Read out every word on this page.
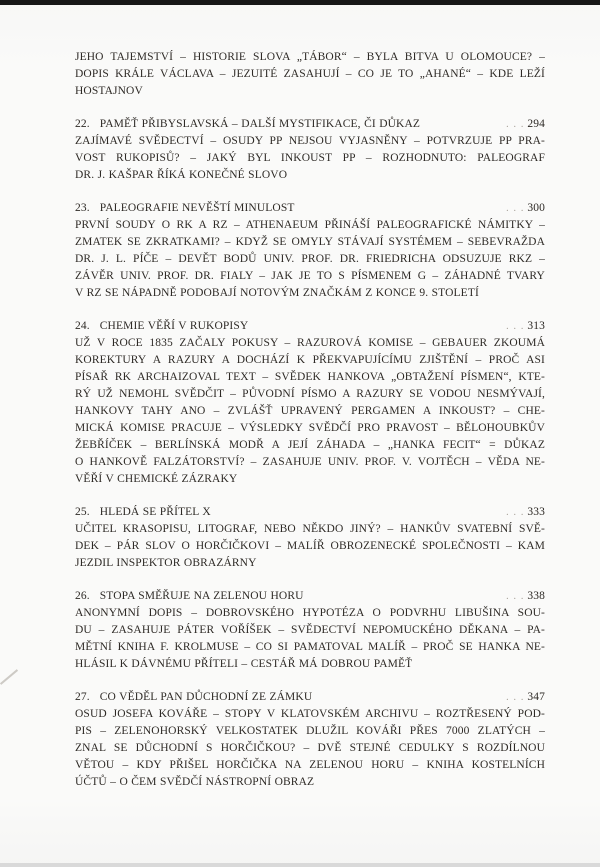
JEHO TAJEMSTVÍ – HISTORIE SLOVA „TÁBOR“ – BYLA BITVA U OLOMOUCE? –
DOPIS KRÁLE VÁCLAVA – JEZUITÉ ZASAHUJÍ – CO JE TO „AHANÉ“ – KDE LEŽÍ
HOSTAJNOV
22. PAMĚŤ PŘIBYSLAVSKÁ – DALŠÍ MYSTIFIKACE, ČI DŮKAZ	. . . 294
ZAJÍMAVÉ SVĚDECTVÍ – OSUDY PP NEJSOU VYJASNĚNY – POTVRZUJE PP PRA-
VOST RUKOPISŮ? – JAKÝ BYL INKOUST PP – ROZHODNUTO: PALEOGRAF
DR. J. KAŠPAR ŘÍKÁ KONEČNÉ SLOVO
23. PALEOGRAFIE NEVĚŠTÍ MINULOST	. . . 300
PRVNÍ SOUDY O RK A RZ – ATHENAEUM PŘINÁŠÍ PALEOGRAFICKÉ NÁMITKY –
ZMATEK SE ZKRATKAMI? – KDYŽ SE OMYLY STÁVAJÍ SYSTÉMEM – SEBEVRAŽDA
DR. J. L. PÍČE – DEVĚT BODŮ UNIV. PROF. DR. FRIEDRICHA ODSUZUJE RKZ –
ZÁVĚR UNIV. PROF. DR. FIALY – JAK JE TO S PÍSMENEM G – ZÁHADNÉ TVARY
V RZ SE NÁPADNĚ PODOBAJÍ NOTOVÝM ZNAČKÁM Z KONCE 9. STOLETÍ
24. CHEMIE VĚŘÍ V RUKOPISY	. . . 313
UŽ V ROCE 1835 ZAČALY POKUSY – RAZUROVÁ KOMISE – GEBAUER ZKOUMÁ
KOREKTURY A RAZURY A DOCHÁZÍ K PŘEKVAPUJÍCÍMU ZJIŠTĚNÍ – PROČ ASI
PÍSAŘ RK ARCHAIZOVAL TEXT – SVĚDEK HANKOVA „OBTAŽENÍ PÍSMEN“, KTE-
RÝ UŽ NEMOHL SVĚDČIT – PŮVODNÍ PÍSMO A RAZURY SE VODOU NESMÝVAJÍ,
HANKOVY TAHY ANO – ZVLÁŠŤ UPRAVENÝ PERGAMEN A INKOUST? – CHE-
MICKÁ KOMISE PRACUJE – VÝSLEDKY SVĚDČÍ PRO PRAVOST – BĚLOHOUBKŮV
ŽEBŘÍČEK – BERLÍNSKÁ MODŘ A JEJÍ ZÁHADA – „HANKA FECIT“ = DŮKAZ
O HANKOVĚ FALZÁTORSTVÍ? – ZASAHUJE UNIV. PROF. V. VOJTĚCH – VĚDA NE-
VĚŘÍ V CHEMICKÉ ZÁZRAKY
25. HLEDÁ SE PŘÍTEL X	. . . 333
UČITEL KRASOPISU, LITOGRAF, NEBO NĚKDO JINÝ? – HANKŮV SVATEBNÍ SVĚ-
DEK – PÁR SLOV O HORČIČKOVI – MALÍŘ OBROZENECKÉ SPOLEČNOSTI – KAM
JEZDIL INSPEKTOR OBRAZÁRNY
26. STOPA SMĚŘUJE NA ZELENOU HORU	. . . 338
ANONYMNÍ DOPIS – DOBROVSKÉHO HYPOTÉZA O PODVRHU LIBUŠINA SOU-
DU – ZASAHUJE PÁTER VOŘÍŠEK – SVĚDECTVÍ NEPOMUCKÉHO DĚKANA – PA-
MĚTNÍ KNIHA F. KROLMUSE – CO SI PAMATOVAL MALÍŘ – PROČ SE HANKA NE-
HLÁSIL K DÁVNÉMU PŘÍTELI – CESTÁŘ MÁ DOBROU PAMĚŤ
27. CO VĚDĚL PAN DŮCHODNÍ ZE ZÁMKU	. . . 347
OSUD JOSEFA KOVÁŘE – STOPY V KLATOVSKÉM ARCHIVU – ROZTŘESENÝ POD-
PIS – ZELENOHORSKÝ VELKOSTATEK DLUŽIL KOVÁŘI PŘES 7000 ZLATÝCH –
ZNAL SE DŮCHODNÍ S HORČIČKOU? – DVĚ STEJNÉ CEDULKY S ROZDÍLNOU
VĚTOU – KDY PŘIŠEL HORČIČKA NA ZELENOU HORU – KNIHA KOSTELNÍCH
ÚČTŮ – O ČEM SVĚDČÍ NÁSTROPNÍ OBRAZ
